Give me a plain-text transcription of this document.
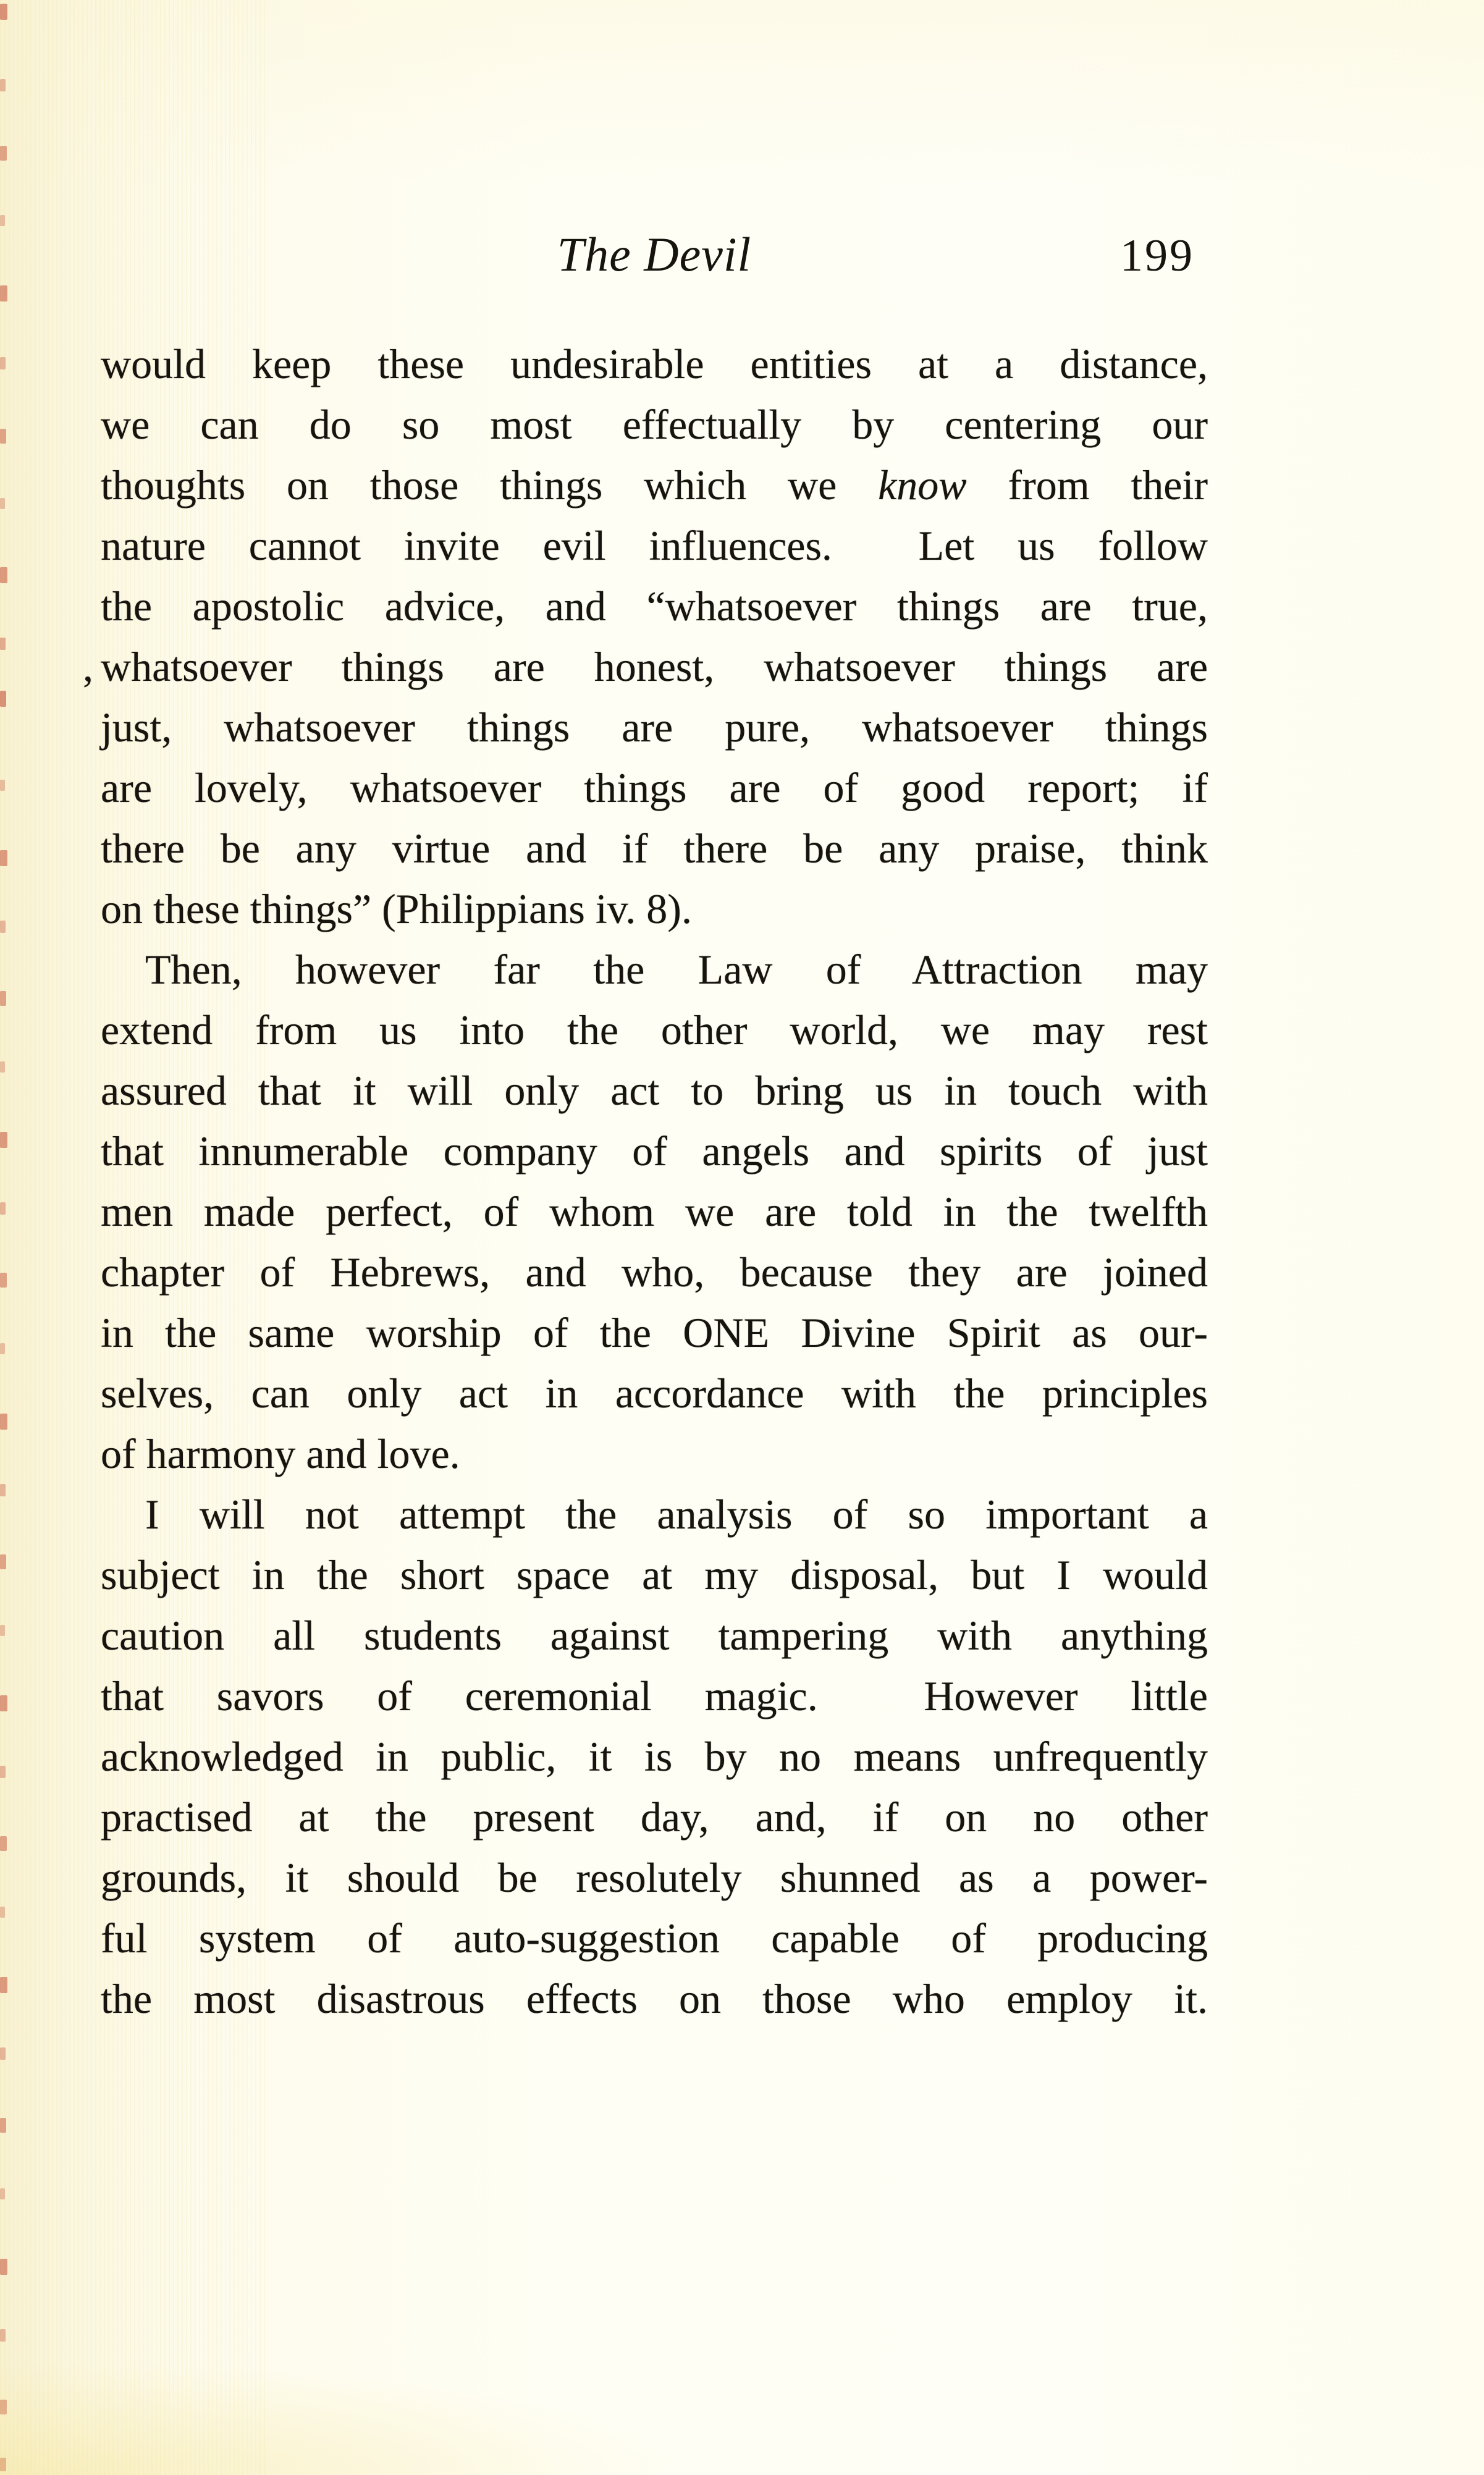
The Devil	199
would keep these undesirable entities at a distance,
we can do so most effectually by centering our
thoughts on those things which we know from their
nature cannot invite evil influences.  Let us follow
the apostolic advice, and “whatsoever things are true,
whatsoever things are honest, whatsoever things are
just, whatsoever things are pure, whatsoever things
are lovely, whatsoever things are of good report; if
there be any virtue and if there be any praise, think
on these things” (Philippians iv. 8).
Then, however far the Law of Attraction may
extend from us into the other world, we may rest
assured that it will only act to bring us in touch with
that innumerable company of angels and spirits of just
men made perfect, of whom we are told in the twelfth
chapter of Hebrews, and who, because they are joined
in the same worship of the ONE Divine Spirit as our-
selves, can only act in accordance with the principles
of harmony and love.
I will not attempt the analysis of so important a
subject in the short space at my disposal, but I would
caution all students against tampering with anything
that savors of ceremonial magic.  However little
acknowledged in public, it is by no means unfrequently
practised at the present day, and, if on no other
grounds, it should be resolutely shunned as a power-
ful system of auto-suggestion capable of producing
the most disastrous effects on those who employ it.
,
